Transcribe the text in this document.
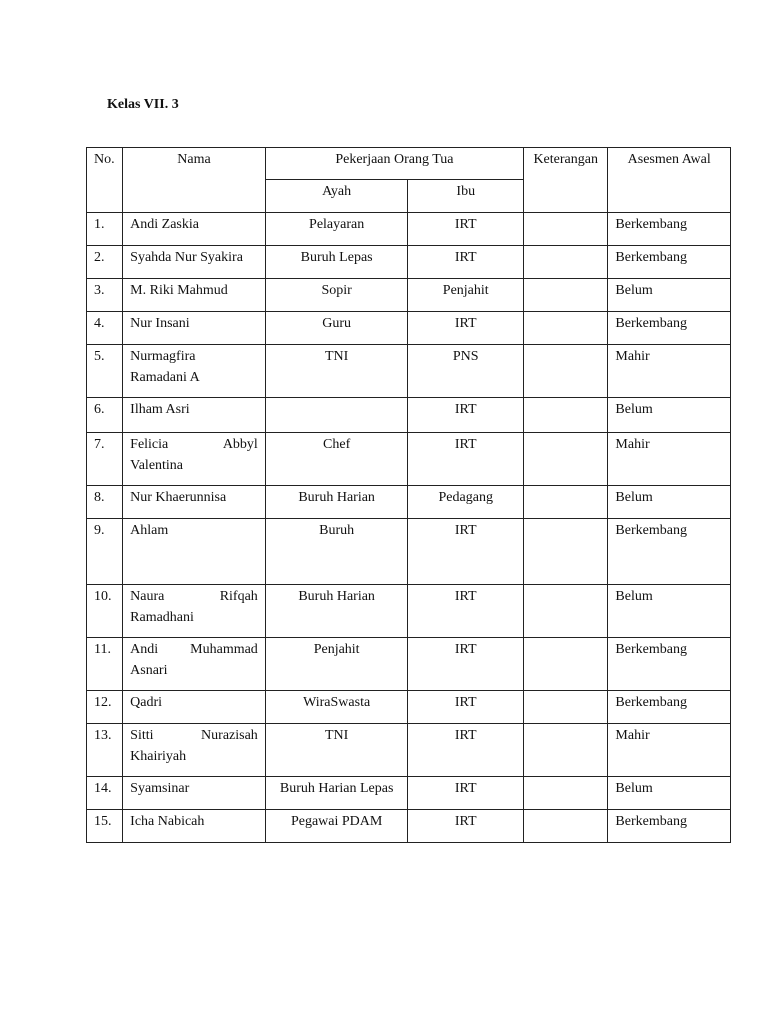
Kelas VII. 3

No.	Nama	Pekerjaan Orang Tua		Keterangan	Asesmen Awal
		Ayah	Ibu		
1.	Andi Zaskia	Pelayaran	IRT		Berkembang
2.	Syahda Nur Syakira	Buruh Lepas	IRT		Berkembang
3.	M. Riki Mahmud	Sopir	Penjahit		Belum
4.	Nur Insani	Guru	IRT		Berkembang
5.	Nurmagfira
Ramadani A	TNI	PNS		Mahir
6.	Ilham Asri		IRT		Belum
7.	Felicia Abbyl
Valentina	Chef	IRT		Mahir
8.	Nur Khaerunnisa	Buruh Harian	Pedagang		Belum
9.	Ahlam	Buruh	IRT		Berkembang
10.	Naura Rifqah
Ramadhani	Buruh Harian	IRT		Belum
11.	Andi Muhammad
Asnari	Penjahit	IRT		Berkembang
12.	Qadri	WiraSwasta	IRT		Berkembang
13.	Sitti Nurazisah
Khairiyah	TNI	IRT		Mahir
14.	Syamsinar	Buruh Harian Lepas	IRT		Belum
15.	Icha Nabicah	Pegawai PDAM	IRT		Berkembang
